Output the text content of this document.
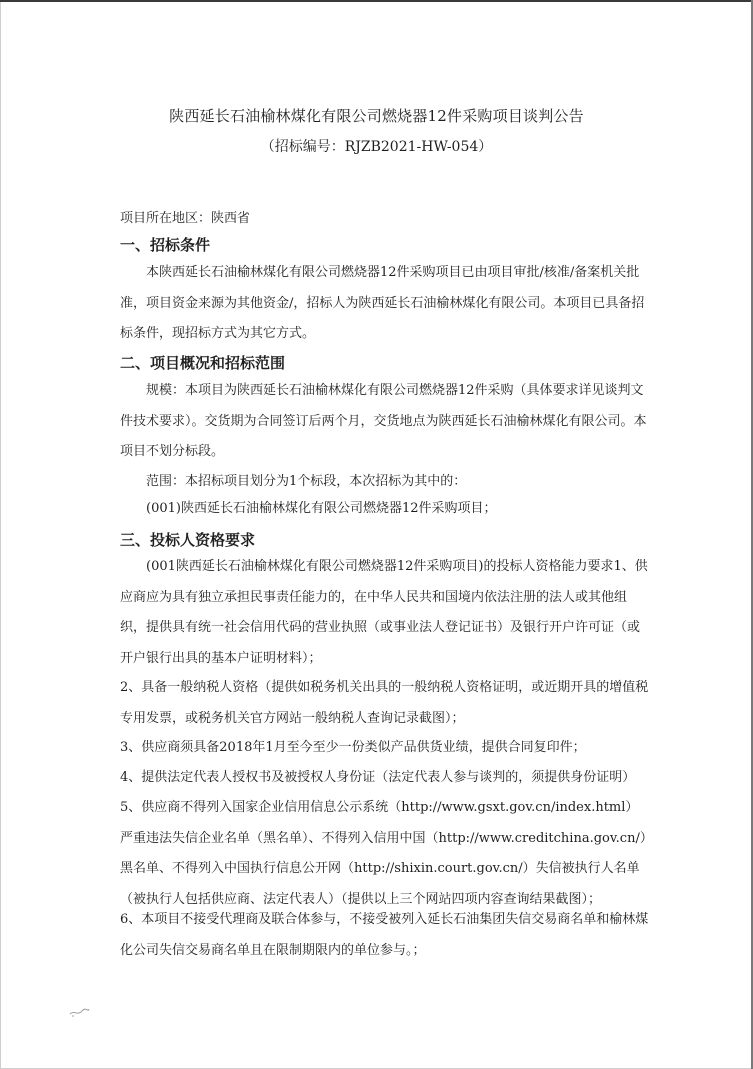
陕西延长石油榆林煤化有限公司燃烧器12件采购项目谈判公告
（招标编号：RJZB2021-HW-054）
项目所在地区：陕西省
一、招标条件
本陕西延长石油榆林煤化有限公司燃烧器12件采购项目已由项目审批/核准/备案机关批准，项目资金来源为其他资金/，招标人为陕西延长石油榆林煤化有限公司。本项目已具备招标条件，现招标方式为其它方式。
二、项目概况和招标范围
规模：本项目为陕西延长石油榆林煤化有限公司燃烧器12件采购（具体要求详见谈判文件技术要求）。交货期为合同签订后两个月，交货地点为陕西延长石油榆林煤化有限公司。本项目不划分标段。
范围：本招标项目划分为1个标段，本次招标为其中的：
(001)陕西延长石油榆林煤化有限公司燃烧器12件采购项目；
三、投标人资格要求
(001陕西延长石油榆林煤化有限公司燃烧器12件采购项目)的投标人资格能力要求1、供应商应为具有独立承担民事责任能力的，在中华人民共和国境内依法注册的法人或其他组织，提供具有统一社会信用代码的营业执照（或事业法人登记证书）及银行开户许可证（或开户银行出具的基本户证明材料）；
2、具备一般纳税人资格（提供如税务机关出具的一般纳税人资格证明，或近期开具的增值税专用发票，或税务机关官方网站一般纳税人查询记录截图）；
3、供应商须具备2018年1月至今至少一份类似产品供货业绩，提供合同复印件；
4、提供法定代表人授权书及被授权人身份证（法定代表人参与谈判的，须提供身份证明）
5、供应商不得列入国家企业信用信息公示系统（http://www.gsxt.gov.cn/index.html）严重违法失信企业名单（黑名单）、不得列入信用中国（http://www.creditchina.gov.cn/）黑名单、不得列入中国执行信息公开网（http://shixin.court.gov.cn/）失信被执行人名单（被执行人包括供应商、法定代表人）（提供以上三个网站四项内容查询结果截图）；
6、本项目不接受代理商及联合体参与，不接受被列入延长石油集团失信交易商名单和榆林煤化公司失信交易商名单且在限制期限内的单位参与。；
